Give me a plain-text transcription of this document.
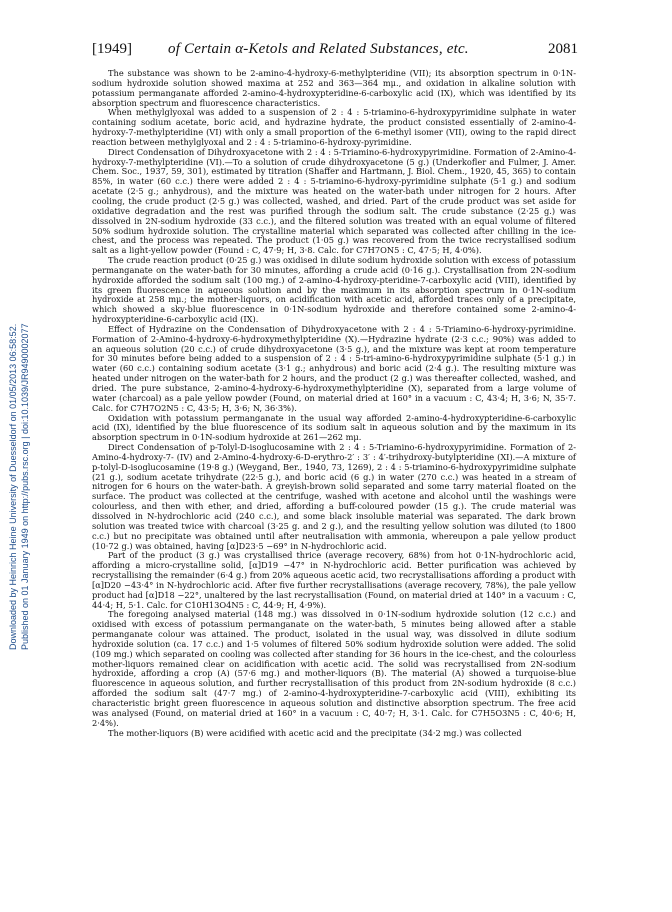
Downloaded by Heinrich Heine University of Duesseldorf on 01/05/2013 06:58:52. Published on 01 January 1949 on http://pubs.rsc.org | doi:10.1039/JR9490002077
[1949] of Certain α-Ketols and Related Substances, etc.	2081

The substance was shown to be 2-amino-4-hydroxy-6-methylpteridine (VII); its absorption spectrum in 0·1N-sodium hydroxide solution showed maxima at 252 and 363—364 mμ., and oxidation in alkaline solution with potassium permanganate afforded 2-amino-4-hydroxypteridine-6-carboxylic acid (IX), which was identified by its absorption spectrum and fluorescence characteristics.

When methylglyoxal was added to a suspension of 2 : 4 : 5-triamino-6-hydroxypyrimidine sulphate in water containing sodium acetate, boric acid, and hydrazine hydrate, the product consisted essentially of 2-amino-4-hydroxy-7-methylpteridine (VI) with only a small proportion of the 6-methyl isomer (VII), owing to the rapid direct reaction between methylglyoxal and 2 : 4 : 5-triamino-6-hydroxy-pyrimidine.

Direct Condensation of Dihydroxyacetone with 2 : 4 : 5-Triamino-6-hydroxypyrimidine. Formation of 2-Amino-4-hydroxy-7-methylpteridine (VI).—To a solution of crude dihydroxyacetone (5 g.) (Underkofler and Fulmer, J. Amer. Chem. Soc., 1937, 59, 301), estimated by titration (Shaffer and Hartmann, J. Biol. Chem., 1920, 45, 365) to contain 85%, in water (60 c.c.) there were added 2 : 4 : 5-triamino-6-hydroxy-pyrimidine sulphate (5·1 g.) and sodium acetate (2·5 g.; anhydrous), and the mixture was heated on the water-bath under nitrogen for 2 hours. After cooling, the crude product (2·5 g.) was collected, washed, and dried. Part of the crude product was set aside for oxidative degradation and the rest was purified through the sodium salt. The crude substance (2·25 g.) was dissolved in 2N-sodium hydroxide (33 c.c.), and the filtered solution was treated with an equal volume of filtered 50% sodium hydroxide solution. The crystalline material which separated was collected after chilling in the ice-chest, and the process was repeated. The product (1·05 g.) was recovered from the twice recrystallised sodium salt as a light-yellow powder (Found : C, 47·9; H, 3·8. Calc. for C7H7ON5 : C, 47·5; H, 4·0%).

The crude reaction product (0·25 g.) was oxidised in dilute sodium hydroxide solution with excess of potassium permanganate on the water-bath for 30 minutes, affording a crude acid (0·16 g.). Crystallisation from 2N-sodium hydroxide afforded the sodium salt (100 mg.) of 2-amino-4-hydroxy-pteridine-7-carboxylic acid (VIII), identified by its green fluorescence in aqueous solution and by the maximum in its absorption spectrum in 0·1N-sodium hydroxide at 258 mμ.; the mother-liquors, on acidification with acetic acid, afforded traces only of a precipitate, which showed a sky-blue fluorescence in 0·1N-sodium hydroxide and therefore contained some 2-amino-4-hydroxypteridine-6-carboxylic acid (IX).

Effect of Hydrazine on the Condensation of Dihydroxyacetone with 2 : 4 : 5-Triamino-6-hydroxy-pyrimidine. Formation of 2-Amino-4-hydroxy-6-hydroxymethylpteridine (X).—Hydrazine hydrate (2·3 c.c.; 90%) was added to an aqueous solution (20 c.c.) of crude dihydroxyacetone (3·5 g.), and the mixture was kept at room temperature for 30 minutes before being added to a suspension of 2 : 4 : 5-tri-amino-6-hydroxypyrimidine sulphate (5·1 g.) in water (60 c.c.) containing sodium acetate (3·1 g.; anhydrous) and boric acid (2·4 g.). The resulting mixture was heated under nitrogen on the water-bath for 2 hours, and the product (2 g.) was thereafter collected, washed, and dried. The pure substance, 2-amino-4-hydroxy-6-hydroxymethylpteridine (X), separated from a large volume of water (charcoal) as a pale yellow powder (Found, on material dried at 160° in a vacuum : C, 43·4; H, 3·6; N, 35·7. Calc. for C7H7O2N5 : C, 43·5; H, 3·6; N, 36·3%).

Oxidation with potassium permanganate in the usual way afforded 2-amino-4-hydroxypteridine-6-carboxylic acid (IX), identified by the blue fluorescence of its sodium salt in aqueous solution and by the maximum in its absorption spectrum in 0·1N-sodium hydroxide at 261—262 mμ.

Direct Condensation of p-Tolyl-D-isoglucosamine with 2 : 4 : 5-Triamino-6-hydroxypyrimidine. Formation of 2-Amino-4-hydroxy-7- (IV) and 2-Amino-4-hydroxy-6-D-erythro-2′ : 3′ : 4′-trihydroxy-butylpteridine (XI).—A mixture of p-tolyl-D-isoglucosamine (19·8 g.) (Weygand, Ber., 1940, 73, 1269), 2 : 4 : 5-triamino-6-hydroxypyrimidine sulphate (21 g.), sodium acetate trihydrate (22·5 g.), and boric acid (6 g.) in water (270 c.c.) was heated in a stream of nitrogen for 6 hours on the water-bath. A greyish-brown solid separated and some tarry material floated on the surface. The product was collected at the centrifuge, washed with acetone and alcohol until the washings were colourless, and then with ether, and dried, affording a buff-coloured powder (15 g.). The crude material was dissolved in N-hydrochloric acid (240 c.c.), and some black insoluble material was separated. The dark brown solution was treated twice with charcoal (3·25 g. and 2 g.), and the resulting yellow solution was diluted (to 1800 c.c.) but no precipitate was obtained until after neutralisation with ammonia, whereupon a pale yellow product (10·72 g.) was obtained, having [α]D23·5 −69° in N-hydrochloric acid.

Part of the product (3 g.) was crystallised thrice (average recovery, 68%) from hot 0·1N-hydrochloric acid, affording a micro-crystalline solid, [α]D19 −47° in N-hydrochloric acid. Better purification was achieved by recrystallising the remainder (6·4 g.) from 20% aqueous acetic acid, two recrystallisations affording a product with [α]D20 −43·4° in N-hydrochloric acid. After five further recrystallisations (average recovery, 78%), the pale yellow product had [α]D18 −22°, unaltered by the last recrystallisation (Found, on material dried at 140° in a vacuum : C, 44·4; H, 5·1. Calc. for C10H13O4N5 : C, 44·9; H, 4·9%).

The foregoing analysed material (148 mg.) was dissolved in 0·1N-sodium hydroxide solution (12 c.c.) and oxidised with excess of potassium permanganate on the water-bath, 5 minutes being allowed after a stable permanganate colour was attained. The product, isolated in the usual way, was dissolved in dilute sodium hydroxide solution (ca. 17 c.c.) and 1·5 volumes of filtered 50% sodium hydroxide solution were added. The solid (109 mg.) which separated on cooling was collected after standing for 36 hours in the ice-chest, and the colourless mother-liquors remained clear on acidification with acetic acid. The solid was recrystallised from 2N-sodium hydroxide, affording a crop (A) (57·6 mg.) and mother-liquors (B). The material (A) showed a turquoise-blue fluorescence in aqueous solution, and further recrystallisation of this product from 2N-sodium hydroxide (8 c.c.) afforded the sodium salt (47·7 mg.) of 2-amino-4-hydroxypteridine-7-carboxylic acid (VIII), exhibiting its characteristic bright green fluorescence in aqueous solution and distinctive absorption spectrum. The free acid was analysed (Found, on material dried at 160° in a vacuum : C, 40·7; H, 3·1. Calc. for C7H5O3N5 : C, 40·6; H, 2·4%).

The mother-liquors (B) were acidified with acetic acid and the precipitate (34·2 mg.) was collected
